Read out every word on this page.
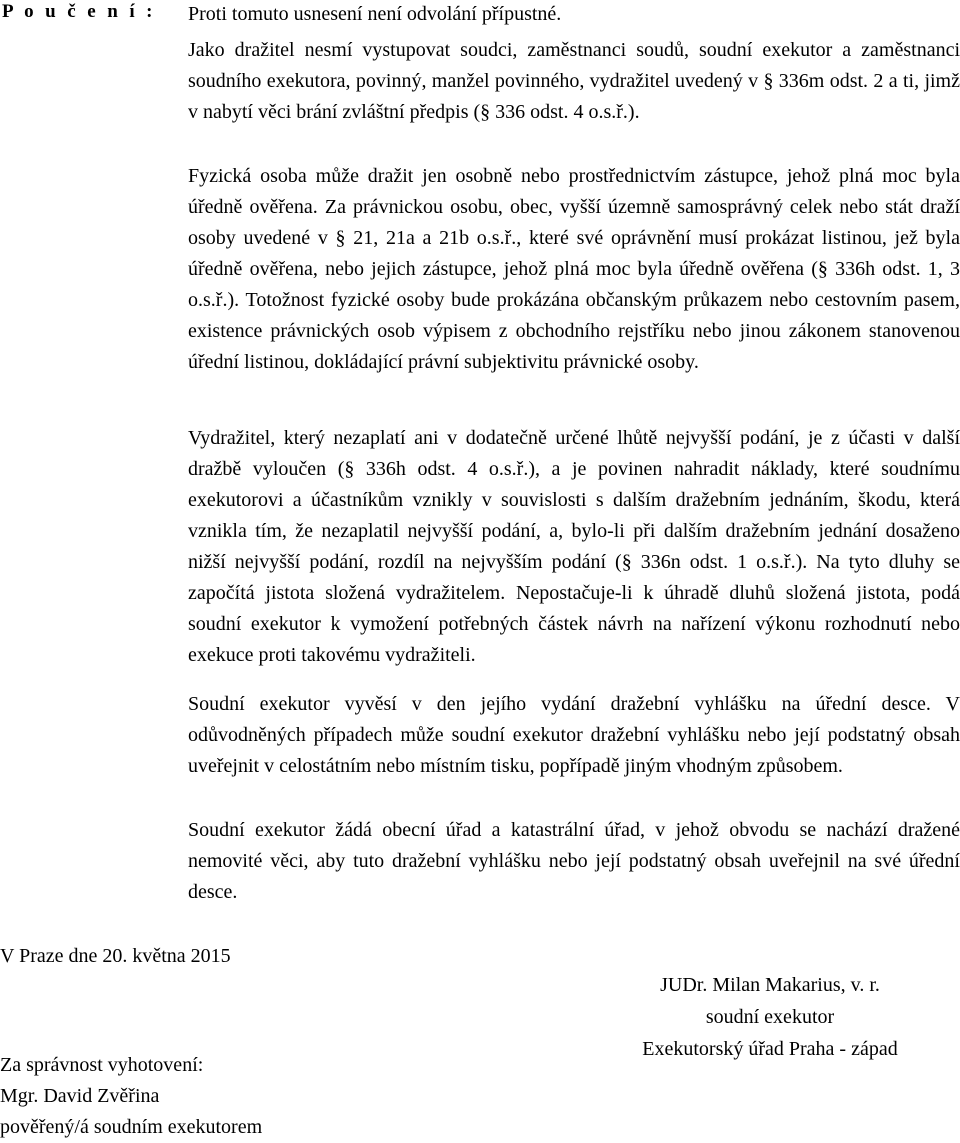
P o u č e n í : Proti tomuto usnesení není odvolání přípustné.

Jako dražitel nesmí vystupovat soudci, zaměstnanci soudů, soudní exekutor a zaměstnanci soudního exekutora, povinný, manžel povinného, vydražitel uvedený v § 336m odst. 2 a ti, jimž v nabytí věci brání zvláštní předpis (§ 336 odst. 4 o.s.ř.).

Fyzická osoba může dražit jen osobně nebo prostřednictvím zástupce, jehož plná moc byla úředně ověřena. Za právnickou osobu, obec, vyšší územně samosprávný celek nebo stát draží osoby uvedené v § 21, 21a a 21b o.s.ř., které své oprávnění musí prokázat listinou, jež byla úředně ověřena, nebo jejich zástupce, jehož plná moc byla úředně ověřena (§ 336h odst. 1, 3 o.s.ř.). Totožnost fyzické osoby bude prokázána občanským průkazem nebo cestovním pasem, existence právnických osob výpisem z obchodního rejstříku nebo jinou zákonem stanovenou úřední listinou, dokládající právní subjektivitu právnické osoby.

Vydražitel, který nezaplatí ani v dodatečně určené lhůtě nejvyšší podání, je z účasti v další dražbě vyloučen (§ 336h odst. 4 o.s.ř.), a je povinen nahradit náklady, které soudnímu exekutorovi a účastníkům vznikly v souvislosti s dalším dražebním jednáním, škodu, která vznikla tím, že nezaplatil nejvyšší podání, a, bylo-li při dalším dražebním jednání dosaženo nižší nejvyšší podání, rozdíl na nejvyšším podání (§ 336n odst. 1 o.s.ř.). Na tyto dluhy se započítá jistota složená vydražitelem. Nepostačuje-li k úhradě dluhů složená jistota, podá soudní exekutor k vymožení potřebných částek návrh na nařízení výkonu rozhodnutí nebo exekuce proti takovému vydražiteli.

Soudní exekutor vyvěsí v den jejího vydání dražební vyhlášku na úřední desce. V odůvodněných případech může soudní exekutor dražební vyhlášku nebo její podstatný obsah uveřejnit v celostátním nebo místním tisku, popřípadě jiným vhodným způsobem.

Soudní exekutor žádá obecní úřad a katastrální úřad, v jehož obvodu se nachází dražené nemovité věci, aby tuto dražební vyhlášku nebo její podstatný obsah uveřejnil na své úřední desce.

V Praze dne 20. května 2015
JUDr. Milan Makarius, v. r.
soudní exekutor
Exekutorský úřad Praha - západ
Za správnost vyhotovení:
Mgr. David Zvěřina
pověřený/á soudním exekutorem
